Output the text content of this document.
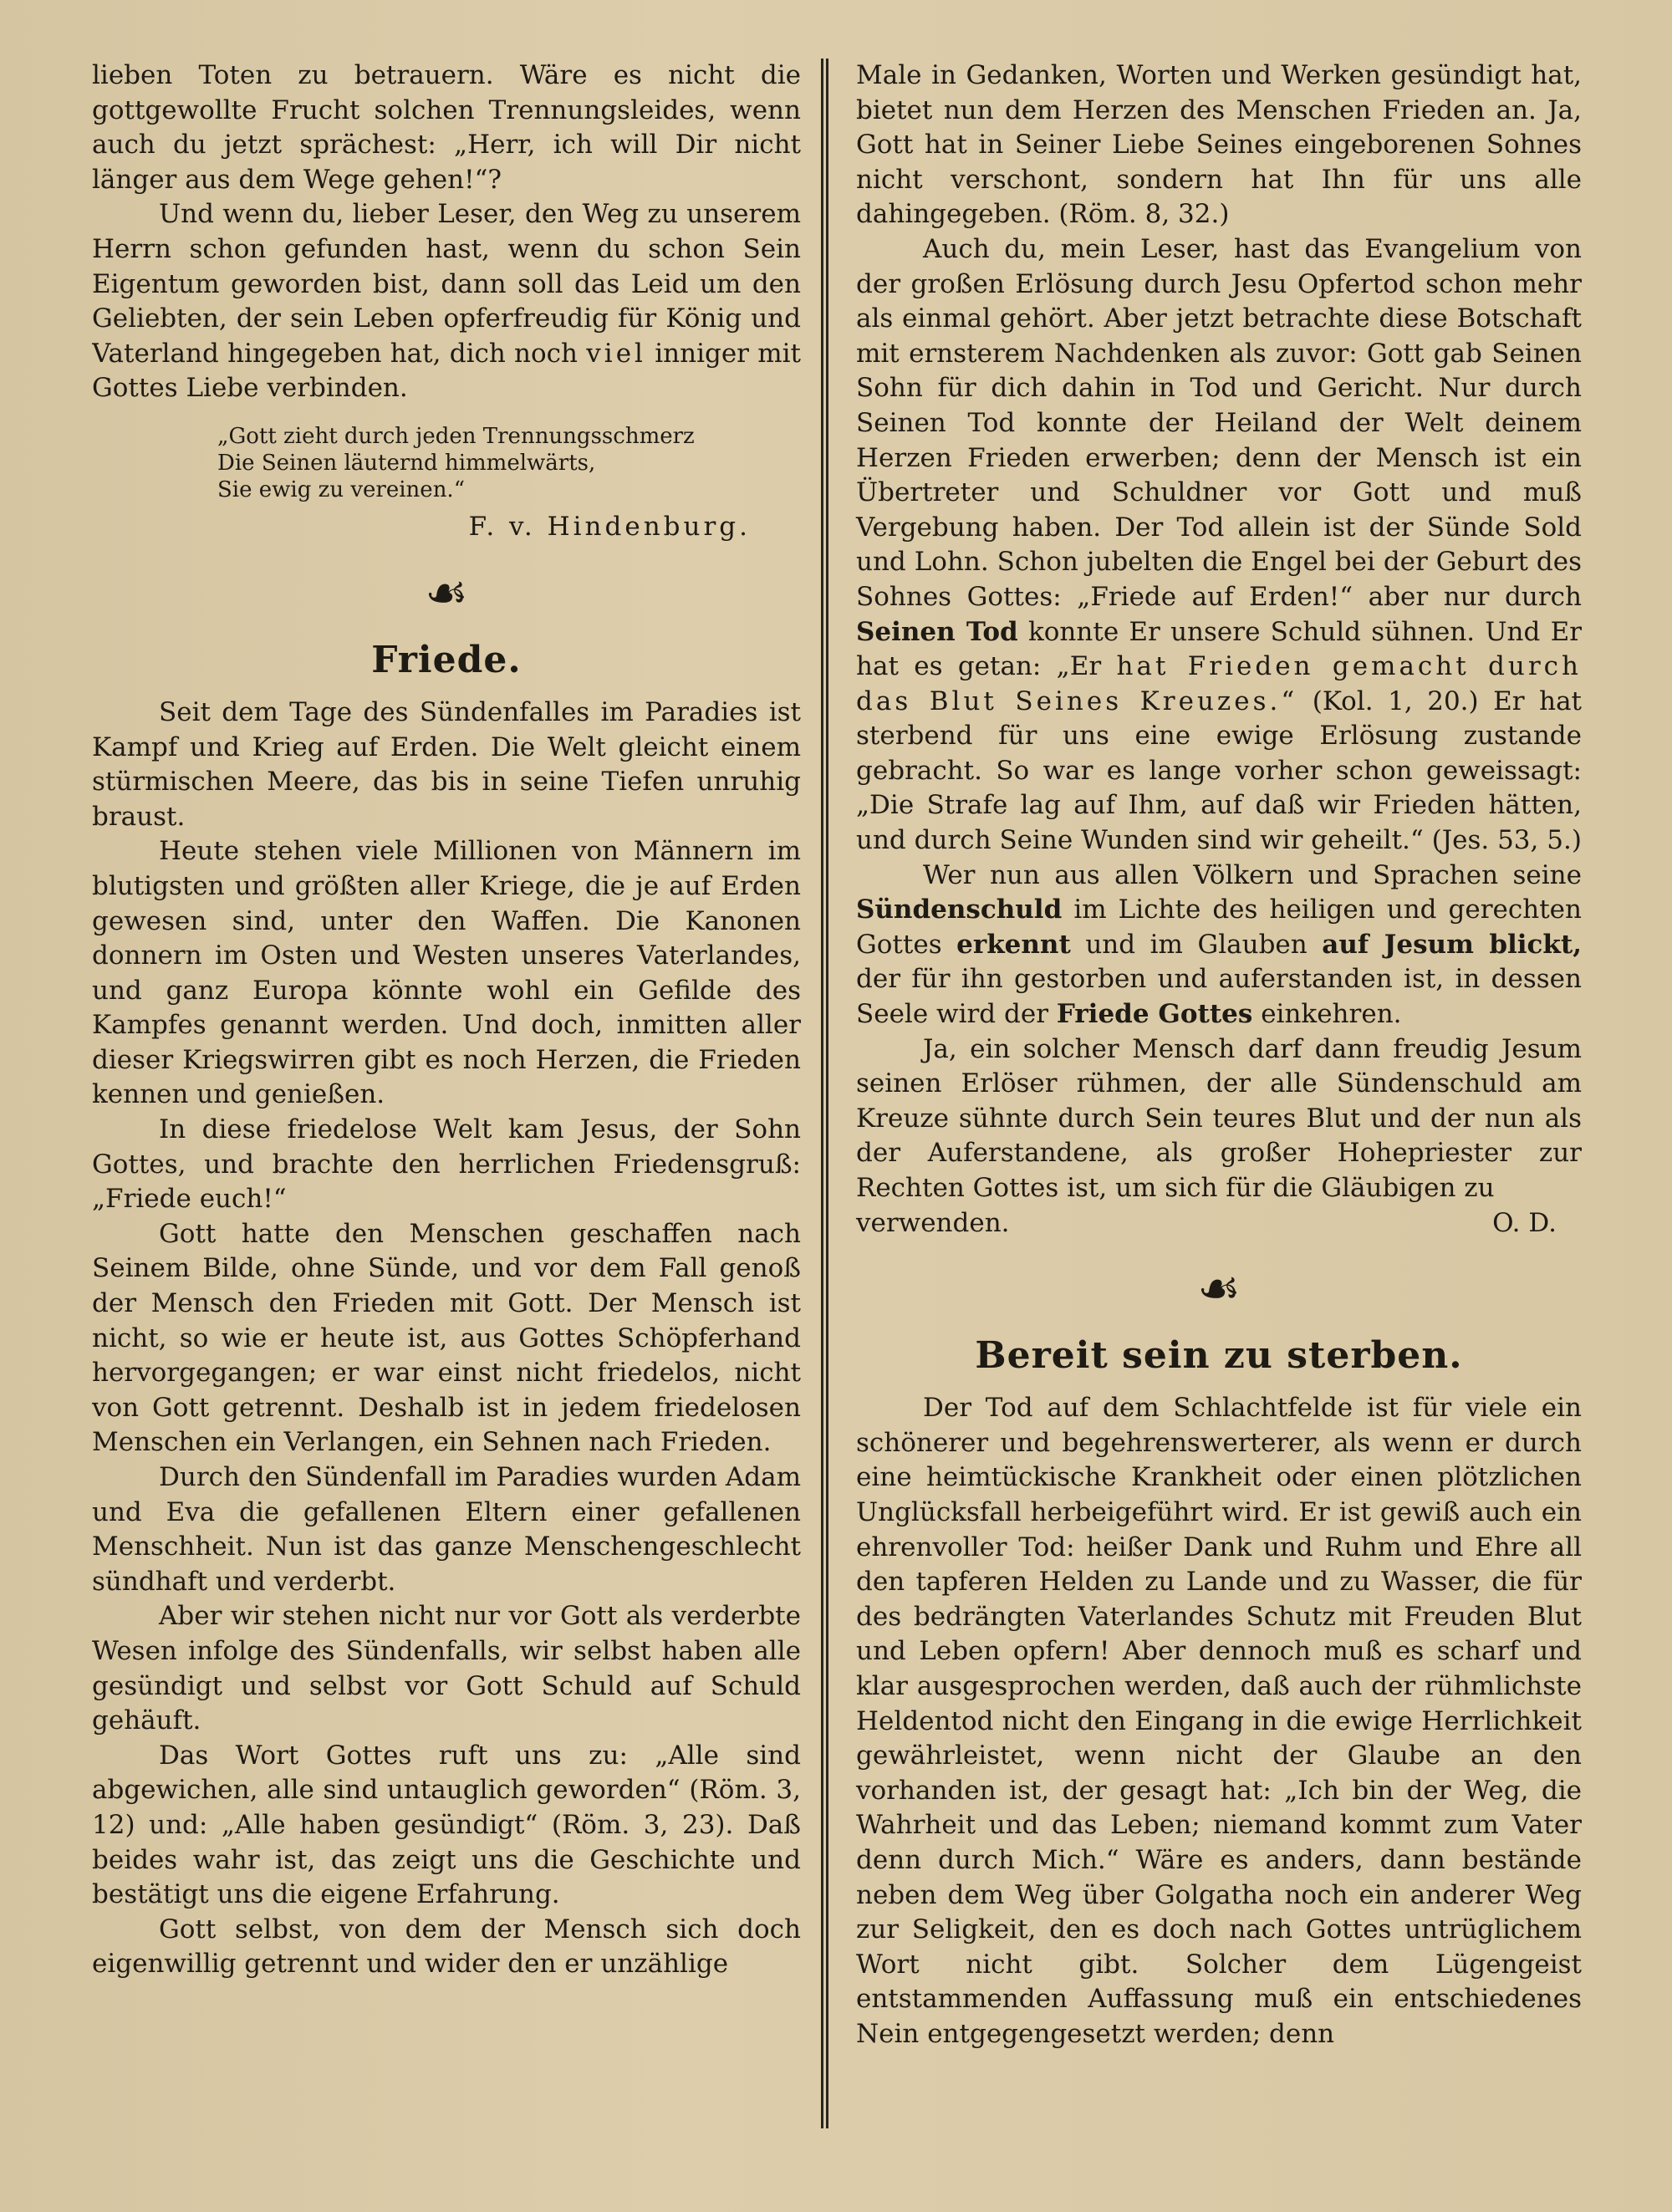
lieben Toten zu betrauern. Wäre es nicht die gottgewollte Frucht solchen Trennungsleides, wenn auch du jetzt sprächest: „Herr, ich will Dir nicht länger aus dem Wege gehen!“?

Und wenn du, lieber Leser, den Weg zu unserem Herrn schon gefunden hast, wenn du schon Sein Eigentum geworden bist, dann soll das Leid um den Geliebten, der sein Leben opferfreudig für König und Vaterland hingegeben hat, dich noch viel inniger mit Gottes Liebe verbinden.

„Gott zieht durch jeden Trennungsschmerz
Die Seinen läuternd himmelwärts,
Sie ewig zu vereinen.“
F. v. Hindenburg.
☙
Friede.

Seit dem Tage des Sündenfalles im Paradies ist Kampf und Krieg auf Erden. Die Welt gleicht einem stürmischen Meere, das bis in seine Tiefen unruhig braust.

Heute stehen viele Millionen von Männern im blutigsten und größten aller Kriege, die je auf Erden gewesen sind, unter den Waffen. Die Kanonen donnern im Osten und Westen unseres Vaterlandes, und ganz Europa könnte wohl ein Gefilde des Kampfes genannt werden. Und doch, inmitten aller dieser Kriegswirren gibt es noch Herzen, die Frieden kennen und genießen.

In diese friedelose Welt kam Jesus, der Sohn Gottes, und brachte den herrlichen Friedensgruß: „Friede euch!“

Gott hatte den Menschen geschaffen nach Seinem Bilde, ohne Sünde, und vor dem Fall genoß der Mensch den Frieden mit Gott. Der Mensch ist nicht, so wie er heute ist, aus Gottes Schöpferhand hervorgegangen; er war einst nicht friedelos, nicht von Gott getrennt. Deshalb ist in jedem friedelosen Menschen ein Verlangen, ein Sehnen nach Frieden.

Durch den Sündenfall im Paradies wurden Adam und Eva die gefallenen Eltern einer gefallenen Menschheit. Nun ist das ganze Menschengeschlecht sündhaft und verderbt.

Aber wir stehen nicht nur vor Gott als verderbte Wesen infolge des Sündenfalls, wir selbst haben alle gesündigt und selbst vor Gott Schuld auf Schuld gehäuft.

Das Wort Gottes ruft uns zu: „Alle sind abgewichen, alle sind untauglich geworden“ (Röm. 3, 12) und: „Alle haben gesündigt“ (Röm. 3, 23). Daß beides wahr ist, das zeigt uns die Geschichte und bestätigt uns die eigene Erfahrung.

Gott selbst, von dem der Mensch sich doch eigenwillig getrennt und wider den er unzählige

Male in Gedanken, Worten und Werken gesündigt hat, bietet nun dem Herzen des Menschen Frieden an. Ja, Gott hat in Seiner Liebe Seines eingeborenen Sohnes nicht verschont, sondern hat Ihn für uns alle dahingegeben. (Röm. 8, 32.)

Auch du, mein Leser, hast das Evangelium von der großen Erlösung durch Jesu Opfertod schon mehr als einmal gehört. Aber jetzt betrachte diese Botschaft mit ernsterem Nachdenken als zuvor: Gott gab Seinen Sohn für dich dahin in Tod und Gericht. Nur durch Seinen Tod konnte der Heiland der Welt deinem Herzen Frieden erwerben; denn der Mensch ist ein Übertreter und Schuldner vor Gott und muß Vergebung haben. Der Tod allein ist der Sünde Sold und Lohn. Schon jubelten die Engel bei der Geburt des Sohnes Gottes: „Friede auf Erden!“ aber nur durch Seinen Tod konnte Er unsere Schuld sühnen. Und Er hat es getan: „Er hat Frieden gemacht durch das Blut Seines Kreuzes.“ (Kol. 1, 20.) Er hat sterbend für uns eine ewige Erlösung zustande gebracht. So war es lange vorher schon geweissagt: „Die Strafe lag auf Ihm, auf daß wir Frieden hätten, und durch Seine Wunden sind wir geheilt.“ (Jes. 53, 5.)

Wer nun aus allen Völkern und Sprachen seine Sündenschuld im Lichte des heiligen und gerechten Gottes erkennt und im Glauben auf Jesum blickt, der für ihn gestorben und auferstanden ist, in dessen Seele wird der Friede Gottes einkehren.

Ja, ein solcher Mensch darf dann freudig Jesum seinen Erlöser rühmen, der alle Sündenschuld am Kreuze sühnte durch Sein teures Blut und der nun als der Auferstandene, als großer Hohepriester zur Rechten Gottes ist, um sich für die Gläubigen zu

verwenden.	O. D.
☙
Bereit sein zu sterben.

Der Tod auf dem Schlachtfelde ist für viele ein schönerer und begehrenswerterer, als wenn er durch eine heimtückische Krankheit oder einen plötzlichen Unglücksfall herbeigeführt wird. Er ist gewiß auch ein ehrenvoller Tod: heißer Dank und Ruhm und Ehre all den tapferen Helden zu Lande und zu Wasser, die für des bedrängten Vaterlandes Schutz mit Freuden Blut und Leben opfern! Aber dennoch muß es scharf und klar ausgesprochen werden, daß auch der rühmlichste Heldentod nicht den Eingang in die ewige Herrlichkeit gewährleistet, wenn nicht der Glaube an den vorhanden ist, der gesagt hat: „Ich bin der Weg, die Wahrheit und das Leben; niemand kommt zum Vater denn durch Mich.“ Wäre es anders, dann bestände neben dem Weg über Golgatha noch ein anderer Weg zur Seligkeit, den es doch nach Gottes untrüglichem Wort nicht gibt. Solcher dem Lügengeist entstammenden Auffassung muß ein entschiedenes Nein entgegengesetzt werden; denn
